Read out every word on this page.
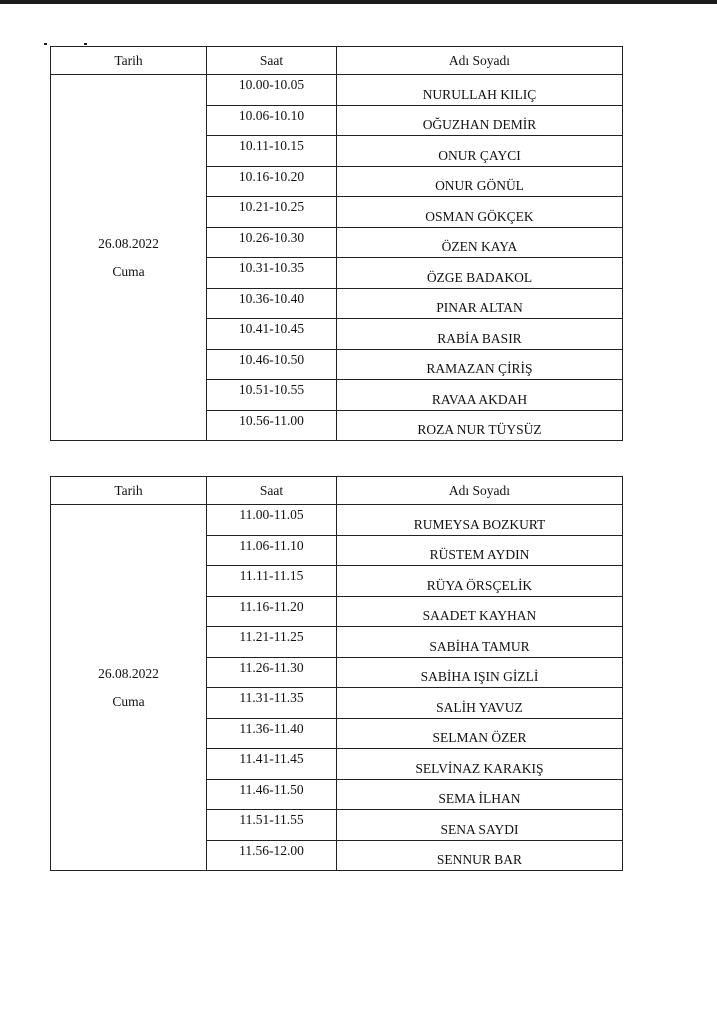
Tarih	Saat	Adı Soyadı

26.08.2022
Cuma	10.00-10.05	NURULLAH KILIÇ
	10.06-10.10	OĞUZHAN DEMİR
	10.11-10.15	ONUR ÇAYCI
	10.16-10.20	ONUR GÖNÜL
	10.21-10.25	OSMAN GÖKÇEK
	10.26-10.30	ÖZEN KAYA
	10.31-10.35	ÖZGE BADAKOL
	10.36-10.40	PINAR ALTAN
	10.41-10.45	RABİA BASIR
	10.46-10.50	RAMAZAN ÇİRİŞ
	10.51-10.55	RAVAA AKDAH
	10.56-11.00	ROZA NUR TÜYSÜZ
Tarih	Saat	Adı Soyadı

26.08.2022
Cuma	11.00-11.05	RUMEYSA BOZKURT
	11.06-11.10	RÜSTEM AYDIN
	11.11-11.15	RÜYA ÖRSÇELİK
	11.16-11.20	SAADET KAYHAN
	11.21-11.25	SABİHA TAMUR
	11.26-11.30	SABİHA IŞIN GİZLİ
	11.31-11.35	SALİH YAVUZ
	11.36-11.40	SELMAN ÖZER
	11.41-11.45	SELVİNAZ KARAKIŞ
	11.46-11.50	SEMA İLHAN
	11.51-11.55	SENA SAYDI
	11.56-12.00	SENNUR BAR
